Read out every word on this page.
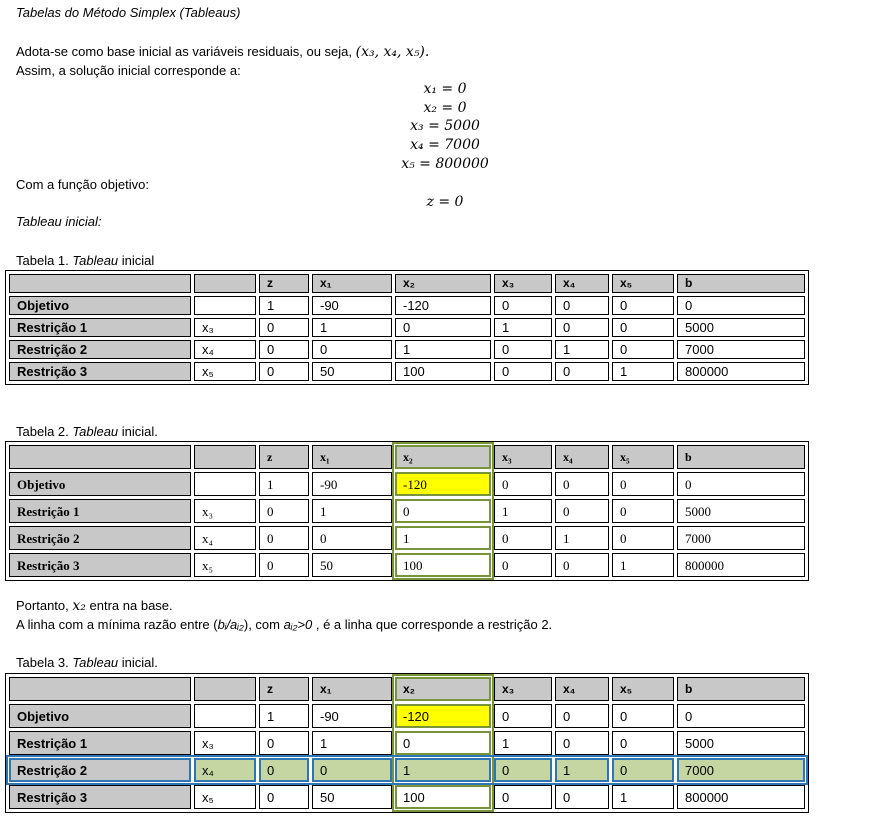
Tabelas do Método Simplex (Tableaus)
Adota-se como base inicial as variáveis residuais, ou seja, (x₃, x₄, x₅).
Assim, a solução inicial corresponde a:
x₁ = 0
x₂ = 0
x₃ = 5000
x₄ = 7000
x₅ = 800000
Com a função objetivo:
z = 0
Tableau inicial:
Tabela 1. Tableau inicial
		z	x₁	x₂	x₃	x₄	x₅	b
Objetivo		1	-90	-120	0	0	0	0
Restrição 1	x₃	0	1	0	1	0	0	5000
Restrição 2	x₄	0	0	1	0	1	0	7000
Restrição 3	x₅	0	50	100	0	0	1	800000
Tabela 2. Tableau inicial.
		z	x₁	x₂	x₃	x₄	x₅	b
Objetivo		1	-90	-120	0	0	0	0
Restrição 1	x₃	0	1	0	1	0	0	5000
Restrição 2	x₄	0	0	1	0	1	0	7000
Restrição 3	x₅	0	50	100	0	0	1	800000
Portanto, x₂ entra na base.
A linha com a mínima razão entre (bᵢ/aᵢ₂), com aᵢ₂>0 , é a linha que corresponde a restrição 2.
Tabela 3. Tableau inicial.
		z	x₁	x₂	x₃	x₄	x₅	b
Objetivo		1	-90	-120	0	0	0	0
Restrição 1	x₃	0	1	0	1	0	0	5000
Restrição 2	x₄	0	0	1	0	1	0	7000
Restrição 3	x₅	0	50	100	0	0	1	800000
